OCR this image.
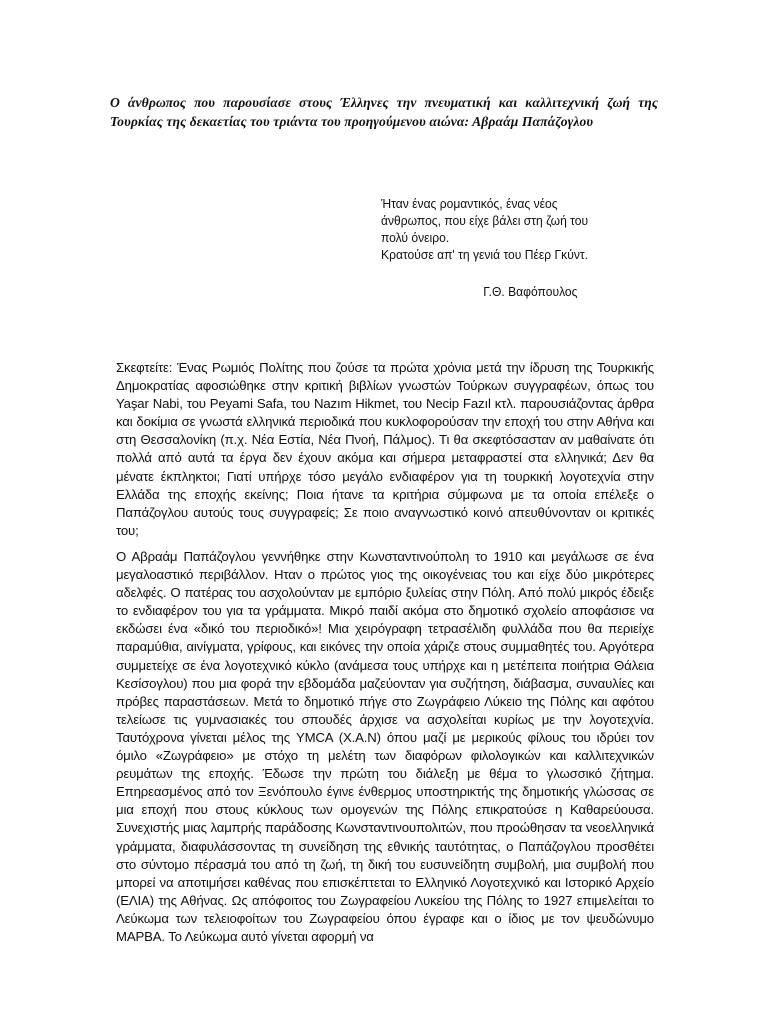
Ο άνθρωπος που παρουσίασε στους Έλληνες την πνευματική και καλλιτεχνική ζωή της Τουρκίας της δεκαετίας του τριάντα του προηγούμενου αιώνα: Αβραάμ Παπάζογλου

Ήταν ένας ρομαντικός, ένας νέος

άνθρωπος, που είχε βάλει στη ζωή του

πολύ όνειρο.

Κρατούσε απ' τη γενιά του Πέερ Γκύντ.

Γ.Θ. Βαφόπουλος

Σκεφτείτε: Ένας Ρωμιός Πολίτης που ζούσε τα πρώτα χρόνια μετά την ίδρυση της Τουρκικής Δημοκρατίας αφοσιώθηκε στην κριτική βιβλίων γνωστών Τούρκων συγγραφέων, όπως του Yaşar Nabi, του Peyami Safa, του Nazım Hikmet, του Necip Fazıl κτλ. παρουσιάζοντας άρθρα και δοκίμια σε γνωστά ελληνικά περιοδικά που κυκλοφορούσαν την εποχή του στην Αθήνα και στη Θεσσαλονίκη (π.χ. Νέα Εστία, Νέα Πνοή, Πάλμος). Τι θα σκεφτόσασταν αν μαθαίνατε ότι πολλά από αυτά τα έργα δεν έχουν ακόμα και σήμερα μεταφραστεί στα ελληνικά; Δεν θα μένατε έκπληκτοι; Γιατί υπήρχε τόσο μεγάλο ενδιαφέρον για τη τουρκική λογοτεχνία στην Ελλάδα της εποχής εκείνης; Ποια ήτανε τα κριτήρια σύμφωνα με τα οποία επέλεξε ο Παπάζογλου αυτούς τους συγγραφείς; Σε ποιο αναγνωστικό κοινό απευθύνονταν οι κριτικές του;

Ο Αβραάμ Παπάζογλου γεννήθηκε στην Κωνσταντινούπολη το 1910 και μεγάλωσε σε ένα μεγαλοαστικό περιβάλλον. Ηταν ο πρώτος γιος της οικογένειας του και είχε δύο μικρότερες αδελφές. Ο πατέρας του ασχολούνταν με εμπόριο ξυλείας στην Πόλη. Από πολύ μικρός έδειξε το ενδιαφέρον του για τα γράμματα. Μικρό παιδί ακόμα στο δημοτικό σχολείο αποφάσισε να εκδώσει ένα «δικό του περιοδικό»! Μια χειρόγραφη τετρασέλιδη φυλλάδα που θα περιείχε παραμύθια, αινίγματα, γρίφους, και εικόνες την οποία χάριζε στους συμμαθητές του. Αργότερα συμμετείχε σε ένα λογοτεχνικό κύκλο (ανάμεσα τους υπήρχε και η μετέπειτα ποιήτρια Θάλεια Κεσίσογλου) που μια φορά την εβδομάδα μαζεύονταν για συζήτηση, διάβασμα, συναυλίες και πρόβες παραστάσεων. Μετά το δημοτικό πήγε στο Ζωγράφειο Λύκειο της Πόλης και αφότου τελείωσε τις γυμνασιακές του σπουδές άρχισε να ασχολείται κυρίως με την λογοτεχνία. Ταυτόχρονα γίνεται μέλος της YMCA (Χ.Α.Ν) όπου μαζί με μερικούς φίλους του ιδρύει τον όμιλο «Ζωγράφειο» με στόχο τη μελέτη των διαφόρων φιλολογικών και καλλιτεχνικών ρευμάτων της εποχής. Έδωσε την πρώτη του διάλεξη με θέμα το γλωσσικό ζήτημα. Επηρεασμένος από τον Ξενόπουλο έγινε ένθερμος υποστηρικτής της δημοτικής γλώσσας σε μια εποχή που στους κύκλους των ομογενών της Πόλης επικρατούσε η Καθαρεύουσα. Συνεχιστής μιας λαμπρής παράδοσης Κωνσταντινουπολιτών, που προώθησαν τα νεοελληνικά γράμματα, διαφυλάσσοντας τη συνείδηση της εθνικής ταυτότητας, ο Παπάζογλου προσθέτει στο σύντομο πέρασμά του από τη ζωή, τη δική του ευσυνείδητη συμβολή, μια συμβολή που μπορεί να αποτιμήσει καθένας που επισκέπτεται το Ελληνικό Λογοτεχνικό και Ιστορικό Αρχείο (ΕΛΙΑ) της Αθήνας. Ως απόφοιτος του Ζωγραφείου Λυκείου της Πόλης το 1927 επιμελείται το Λεύκωμα των τελειοφοίτων του Ζωγραφείου όπου έγραφε και ο ίδιος με τον ψευδώνυμο ΜΑΡΒΑ. Το Λεύκωμα αυτό γίνεται αφορμή να
